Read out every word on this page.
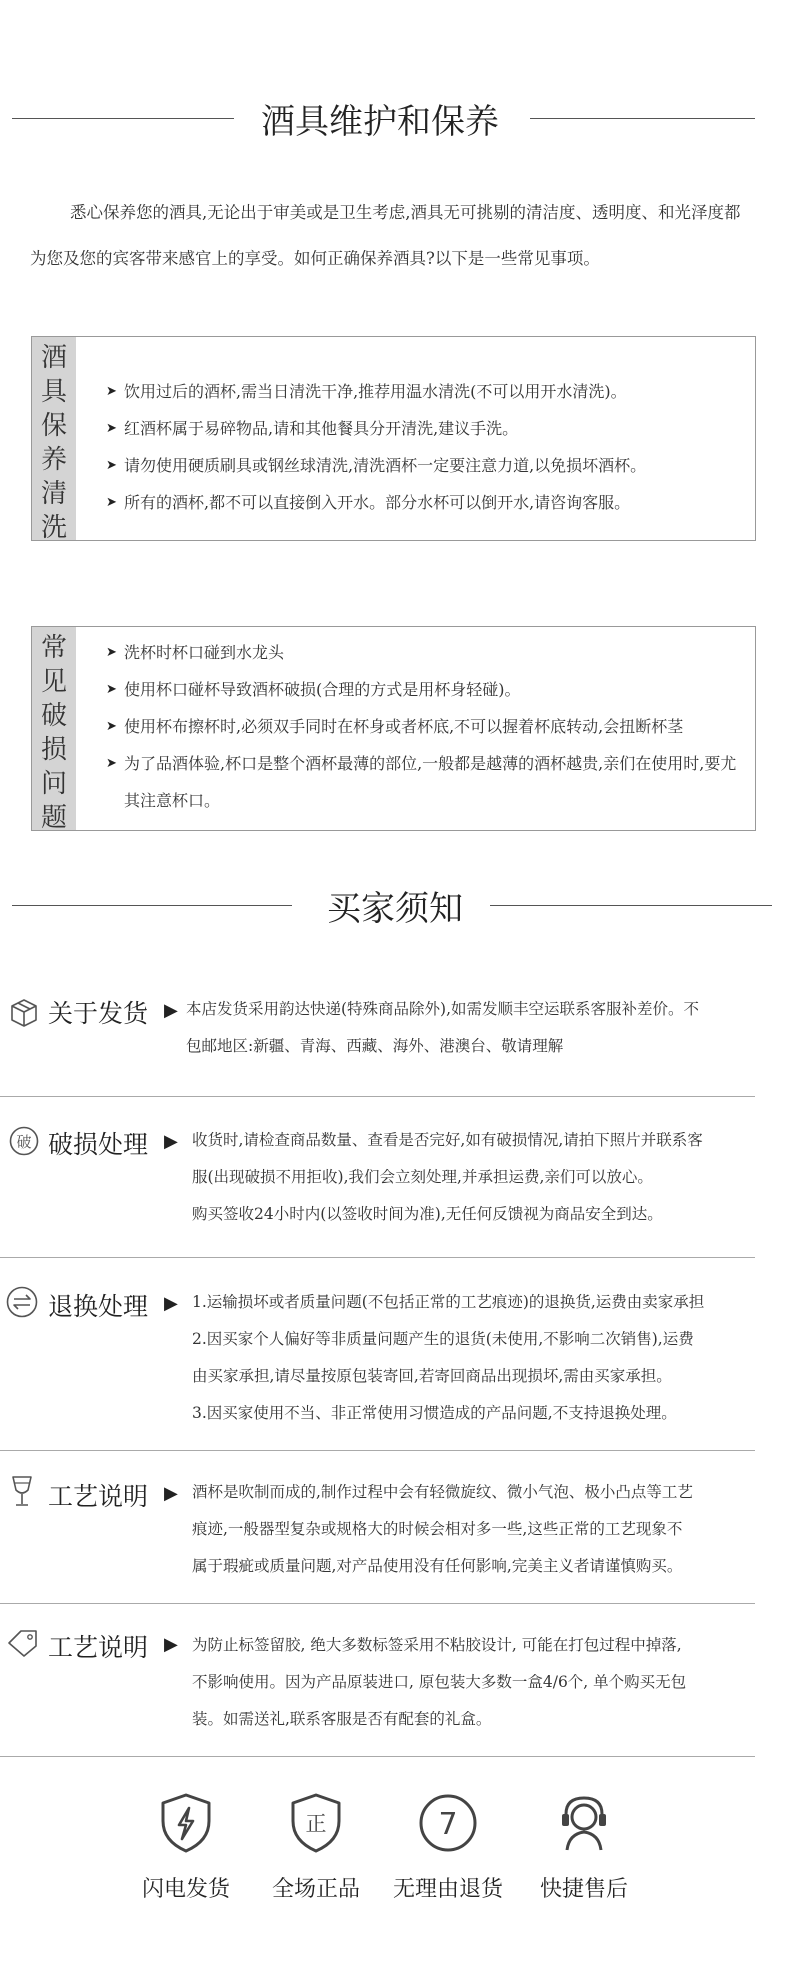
酒具维护和保养
悉心保养您的酒具,无论出于审美或是卫生考虑,酒具无可挑剔的清洁度、透明度、和光泽度都为您及您的宾客带来感官上的享受。如何正确保养酒具?以下是一些常见事项。
酒
具
保
养
清
洗
➤ 饮用过后的酒杯,需当日清洗干净,推荐用温水清洗(不可以用开水清洗)。
➤ 红酒杯属于易碎物品,请和其他餐具分开清洗,建议手洗。
➤ 请勿使用硬质刷具或钢丝球清洗,清洗酒杯一定要注意力道,以免损坏酒杯。
➤ 所有的酒杯,都不可以直接倒入开水。部分水杯可以倒开水,请咨询客服。
常
见
破
损
问
题
➤ 洗杯时杯口碰到水龙头
➤ 使用杯口碰杯导致酒杯破损(合理的方式是用杯身轻碰)。
➤ 使用杯布擦杯时,必须双手同时在杯身或者杯底,不可以握着杯底转动,会扭断杯茎
➤ 为了品酒体验,杯口是整个酒杯最薄的部位,一般都是越薄的酒杯越贵,亲们在使用时,要尤其注意杯口。
买家须知
关于发货 ▶ 本店发货采用韵达快递(特殊商品除外),如需发顺丰空运联系客服补差价。不
包邮地区:新疆、青海、西藏、海外、港澳台、敬请理解
破 破损处理 ▶ 收货时,请检查商品数量、查看是否完好,如有破损情况,请拍下照片并联系客
服(出现破损不用拒收),我们会立刻处理,并承担运费,亲们可以放心。
购买签收24小时内(以签收时间为准),无任何反馈视为商品安全到达。
退换处理 ▶ 1.运输损坏或者质量问题(不包括正常的工艺痕迹)的退换货,运费由卖家承担
2.因买家个人偏好等非质量问题产生的退货(未使用,不影响二次销售),运费
由买家承担,请尽量按原包装寄回,若寄回商品出现损坏,需由买家承担。
3.因买家使用不当、非正常使用习惯造成的产品问题,不支持退换处理。
工艺说明 ▶ 酒杯是吹制而成的,制作过程中会有轻微旋纹、微小气泡、极小凸点等工艺
痕迹,一般器型复杂或规格大的时候会相对多一些,这些正常的工艺现象不
属于瑕疵或质量问题,对产品使用没有任何影响,完美主义者请谨慎购买。
工艺说明 ▶ 为防止标签留胶, 绝大多数标签采用不粘胶设计, 可能在打包过程中掉落,
不影响使用。因为产品原装进口, 原包装大多数一盒4/6个, 单个购买无包
装。如需送礼,联系客服是否有配套的礼盒。
闪电发货
正
全场正品
7
无理由退货	快捷售后
